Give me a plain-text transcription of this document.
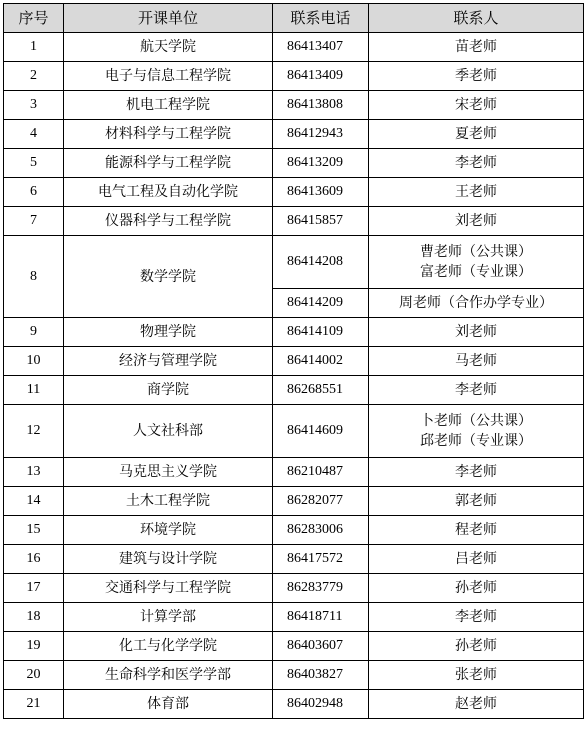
序号	开课单位	联系电话	联系人
1	航天学院	86413407	苗老师
2	电子与信息工程学院	86413409	季老师
3	机电工程学院	86413808	宋老师
4	材料科学与工程学院	86412943	夏老师
5	能源科学与工程学院	86413209	李老师
6	电气工程及自动化学院	86413609	王老师
7	仪器科学与工程学院	86415857	刘老师
8	数学学院	86414208	曹老师（公共课）
富老师（专业课）

		86414209	周老师（合作办学专业）

9	物理学院	86414109	刘老师
10	经济与管理学院	86414002	马老师
11	商学院	86268551	李老师
12	人文社科部	86414609	卜老师（公共课）
邱老师（专业课）

13	马克思主义学院	86210487	李老师
14	土木工程学院	86282077	郭老师
15	环境学院	86283006	程老师
16	建筑与设计学院	86417572	吕老师
17	交通科学与工程学院	86283779	孙老师
18	计算学部	86418711	李老师
19	化工与化学学院	86403607	孙老师
20	生命科学和医学学部	86403827	张老师
21	体育部	86402948	赵老师
